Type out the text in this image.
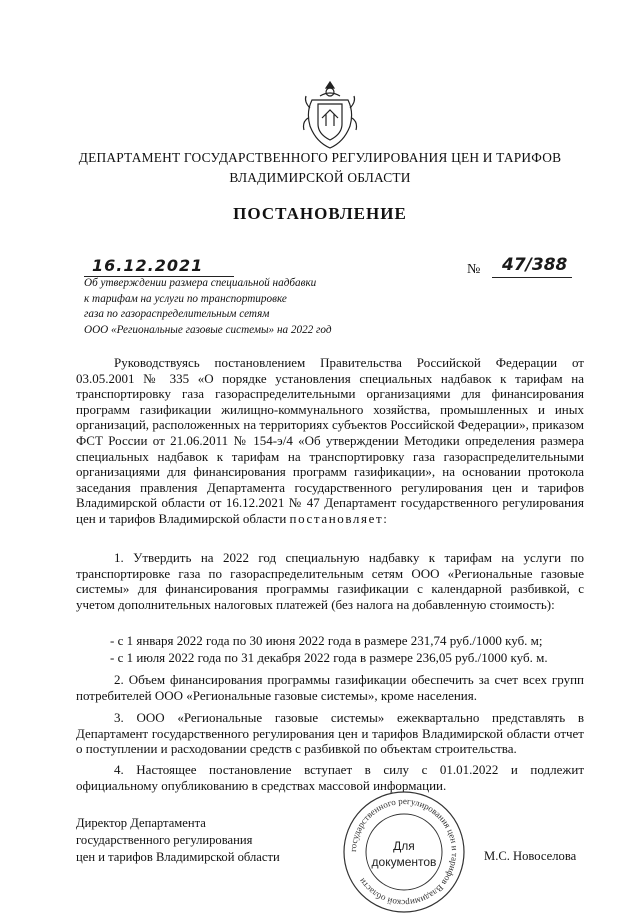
ДЕПАРТАМЕНТ ГОСУДАРСТВЕННОГО РЕГУЛИРОВАНИЯ ЦЕН И ТАРИФОВ
ВЛАДИМИРСКОЙ ОБЛАСТИ
ПОСТАНОВЛЕНИЕ
16.12.2021	№ 47/388
Об утверждении размера специальной надбавки
к тарифам на услуги по транспортировке
газа по газораспределительным сетям
ООО «Региональные газовые системы» на 2022 год

Руководствуясь постановлением Правительства Российской Федерации от 03.05.2001 № 335 «О порядке установления специальных надбавок к тарифам на транспортировку газа газораспределительными организациями для финансирования программ газификации жилищно-коммунального хозяйства, промышленных и иных организаций, расположенных на территориях субъектов Российской Федерации», приказом ФСТ России от 21.06.2011 № 154-э/4 «Об утверждении Методики определения размера специальных надбавок к тарифам на транспортировку газа газораспределительными организациями для финансирования программ газификации», на основании протокола заседания правления Департамента государственного регулирования цен и тарифов Владимирской области от 16.12.2021 № 47 Департамент государственного регулирования цен и тарифов Владимирской области постановляет:

1. Утвердить на 2022 год специальную надбавку к тарифам на услуги по транспортировке газа по газораспределительным сетям ООО «Региональные газовые системы» для финансирования программы газификации с календарной разбивкой, с учетом дополнительных налоговых платежей (без налога на добавленную стоимость):

- с 1 января 2022 года по 30 июня 2022 года в размере 231,74 руб./1000 куб. м;
- с 1 июля 2022 года по 31 декабря 2022 года в размере 236,05 руб./1000 куб. м.

2. Объем финансирования программы газификации обеспечить за счет всех групп потребителей ООО «Региональные газовые системы», кроме населения.

3. ООО «Региональные газовые системы» ежеквартально представлять в Департамент государственного регулирования цен и тарифов Владимирской области отчет о поступлении и расходовании средств с разбивкой по объектам строительства.

4. Настоящее постановление вступает в силу с 01.01.2022 и подлежит официальному опубликованию в средствах массовой информации.

Директор Департамента
государственного регулирования
цен и тарифов Владимирской области	государственного регулирования цен и тарифов Владимирской области
Для
документов	М.С. Новоселова
